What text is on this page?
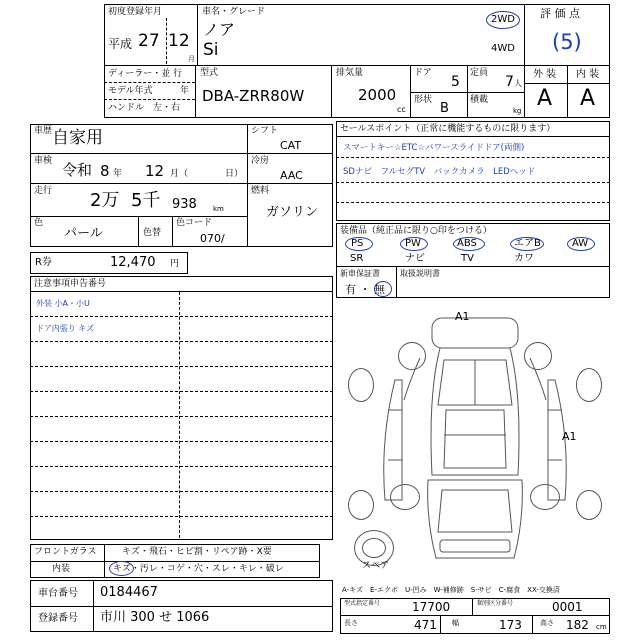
初度登録年月
平成 27 12
月
車名・グレード
ノア
Si
2WD
4WD
評 価 点
(5)
ディーラー・並 行
モデル年式	年
ハンドル　左・右
型式
DBA-ZRR80W
排気量
2000
cc
ドア
5
定員
7 人
形状
B
積載
kg
外 装 内 装
A A
車歴 自家用
車検 令和 8 年 12 月（	日）
走行 2万 5千 938 km
色
パール	色替
色コード
070/
シフト
CAT
冷房
AAC
燃料
ガソリン
セールスポイント（正常に機能するものに限ります）
スマートキー☆ETC☆パワースライドドア(両側)
SDナビ　フルセグTV　バックカメラ　LEDヘッド
装備品（純正品に限り○印をつける）
PS	PW	ABS	エアB	AW
SR	ナビ	TV	カワ
新車保証書
有 ・ 無
取扱説明書
R券	12,470 円
注意事項申告番号
外装 小A・小U
ドア内張り キズ
A1
A1
スペア
A-キズ　E-エクボ　U-凹み　W-補修跡　S-サビ　C-腐食　XX-交換済
フロントガラス	キズ・飛石・ヒビ割・リペア跡・X要
内装	キズ・汚レ・コゲ・穴・スレ・キレ・破レ
車台番号 0184467
登録番号 市川 300 せ 1066
型式指定番号	17700	類別区分番号	0001
長さ	471 幅	173	高さ 182 cm
